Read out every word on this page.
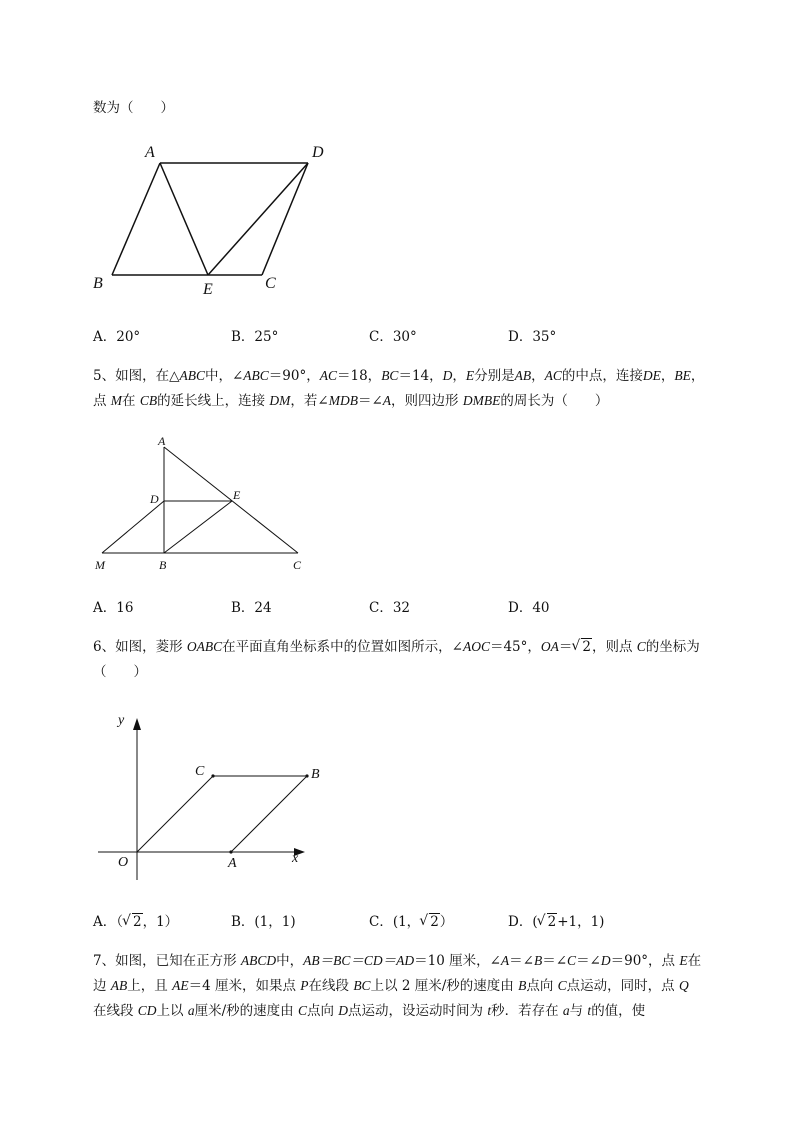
数为（　　）
A	D
B	E	C
A．20°	B．25°	C．30°	D．35°
5、如图，在△ABC中，∠ABC＝90°，AC＝18，BC＝14，D，E分别是AB，AC的中点，连接DE，BE，
点 M在 CB的延长线上，连接 DM，若∠MDB＝∠A，则四边形 DMBE的周长为（　　）
A
D	E
M	B	C
A．16	B．24	C．32	D．40
6、如图，菱形 OABC在平面直角坐标系中的位置如图所示，∠AOC＝45°，OA＝ √ 2，则点 C的坐标为
（　　）
y
x
O	A
B
C
A．（ √ 2，1）	B．(1，1)	C．(1， √ 2）	D．( √ 2+1，1)
7、如图，已知在正方形 ABCD中，AB＝BC＝CD＝AD＝10 厘米，∠A＝∠B＝∠C＝∠D＝90°，点 E在
边 AB上，且 AE＝4 厘米，如果点 P在线段 BC上以 2 厘米/秒的速度由 B点向 C点运动，同时，点 Q
在线段 CD上以 a厘米/秒的速度由 C点向 D点运动，设运动时间为 t秒．若存在 a与 t的值，使
